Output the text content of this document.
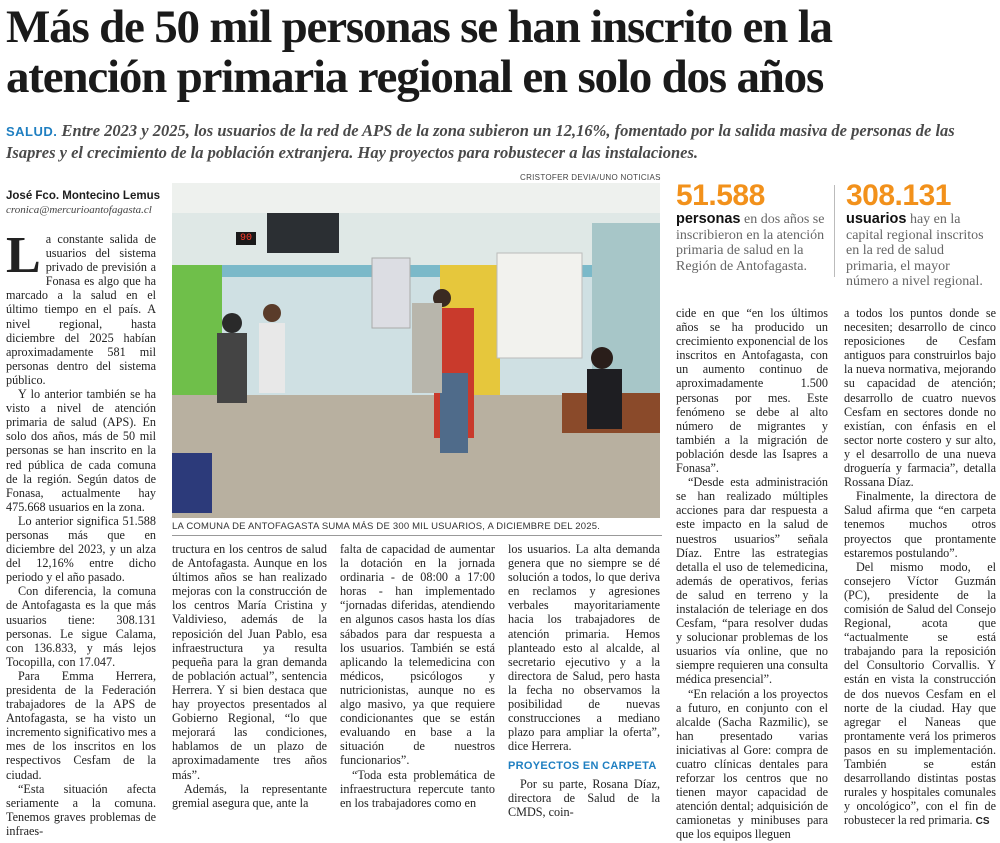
Más de 50 mil personas se han inscrito en la atención primaria regional en solo dos años

SALUD. Entre 2023 y 2025, los usuarios de la red de APS de la zona subieron un 12,16%, fomentado por la salida masiva de personas de las Isapres y el crecimiento de la población extranjera. Hay proyectos para robustecer a las instalaciones.

José Fco. Montecino Lemus
cronica@mercurioantofagasta.cl

La constante salida de usuarios del sistema privado de previsión a Fonasa es algo que ha marcado a la salud en el último tiempo en el país. A nivel regional, hasta diciembre del 2025 habían aproximadamente 581 mil personas dentro del sistema público.

Y lo anterior también se ha visto a nivel de atención primaria de salud (APS). En solo dos años, más de 50 mil personas se han inscrito en la red pública de cada comuna de la región. Según datos de Fonasa, actualmente hay 475.668 usuarios en la zona.

Lo anterior significa 51.588 personas más que en diciembre del 2023, y un alza del 12,16% entre dicho periodo y el año pasado.

Con diferencia, la comuna de Antofagasta es la que más usuarios tiene: 308.131 personas. Le sigue Calama, con 136.833, y más lejos Tocopilla, con 17.047.

Para Emma Herrera, presidenta de la Federación trabajadores de la APS de Antofagasta, se ha visto un incremento significativo mes a mes de los inscritos en los respectivos Cesfam de la ciudad.

“Esta situación afecta seriamente a la comuna. Tenemos graves problemas de infraes-

CRISTOFER DEVIA/UNO NOTICIAS
90
LA COMUNA DE ANTOFAGASTA SUMA MÁS DE 300 MIL USUARIOS, A DICIEMBRE DEL 2025.
51.588
personas en dos años se inscribieron en la atención primaria de salud en la Región de Antofagasta.
308.131
usuarios hay en la capital regional inscritos en la red de salud primaria, el mayor número a nivel regional.

tructura en los centros de salud de Antofagasta. Aunque en los últimos años se han realizado mejoras con la construcción de los centros María Cristina y Valdivieso, además de la reposición del Juan Pablo, esa infraestructura ya resulta pequeña para la gran demanda de población actual”, sentencia Herrera. Y si bien destaca que hay proyectos presentados al Gobierno Regional, “lo que mejorará las condiciones, hablamos de un plazo de aproximadamente tres años más”.

Además, la representante gremial asegura que, ante la

falta de capacidad de aumentar la dotación en la jornada ordinaria - de 08:00 a 17:00 horas - han implementado “jornadas diferidas, atendiendo en algunos casos hasta los días sábados para dar respuesta a los usuarios. También se está aplicando la telemedicina con médicos, psicólogos y nutricionistas, aunque no es algo masivo, ya que requiere condicionantes que se están evaluando en base a la situación de nuestros funcionarios”.

“Toda esta problemática de infraestructura repercute tanto en los trabajadores como en

los usuarios. La alta demanda genera que no siempre se dé solución a todos, lo que deriva en reclamos y agresiones verbales mayoritariamente hacia los trabajadores de atención primaria. Hemos planteado esto al alcalde, al secretario ejecutivo y a la directora de Salud, pero hasta la fecha no observamos la posibilidad de nuevas construcciones a mediano plazo para ampliar la oferta”, dice Herrera.

PROYECTOS EN CARPETA

Por su parte, Rosana Díaz, directora de Salud de la CMDS, coin-

cide en que “en los últimos años se ha producido un crecimiento exponencial de los inscritos en Antofagasta, con un aumento continuo de aproximadamente 1.500 personas por mes. Este fenómeno se debe al alto número de migrantes y también a la migración de población desde las Isapres a Fonasa”.

“Desde esta administración se han realizado múltiples acciones para dar respuesta a este impacto en la salud de nuestros usuarios” señala Díaz. Entre las estrategias detalla el uso de telemedicina, además de operativos, ferias de salud en terreno y la instalación de teleriage en dos Cesfam, “para resolver dudas y solucionar problemas de los usuarios vía online, que no siempre requieren una consulta médica presencial”.

“En relación a los proyectos a futuro, en conjunto con el alcalde (Sacha Razmilic), se han presentado varias iniciativas al Gore: compra de cuatro clínicas dentales para reforzar los centros que no tienen mayor capacidad de atención dental; adquisición de camionetas y minibuses para que los equipos lleguen

a todos los puntos donde se necesiten; desarrollo de cinco reposiciones de Cesfam antiguos para construirlos bajo la nueva normativa, mejorando su capacidad de atención; desarrollo de cuatro nuevos Cesfam en sectores donde no existían, con énfasis en el sector norte costero y sur alto, y el desarrollo de una nueva droguería y farmacia”, detalla Rossana Díaz.

Finalmente, la directora de Salud afirma que “en carpeta tenemos muchos otros proyectos que prontamente estaremos postulando”.

Del mismo modo, el consejero Víctor Guzmán (PC), presidente de la comisión de Salud del Consejo Regional, acota que “actualmente se está trabajando para la reposición del Consultorio Corvallis. Y están en vista la construcción de dos nuevos Cesfam en el norte de la ciudad. Hay que agregar el Naneas que prontamente verá los primeros pasos en su implementación. También se están desarrollando distintas postas rurales y hospitales comunales y oncológico”, con el fin de robustecer la red primaria. CS
